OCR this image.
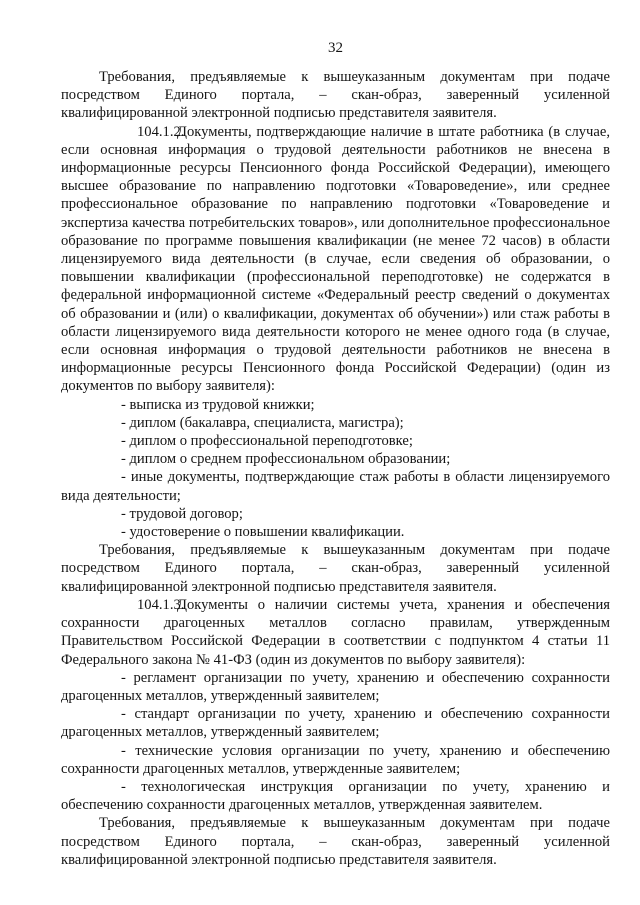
32

Требования, предъявляемые к вышеуказанным документам при подаче посредством Единого портала, – скан-образ, заверенный усиленной квалифицированной электронной подписью представителя заявителя.

104.1.2.Документы, подтверждающие наличие в штате работника (в случае, если основная информация о трудовой деятельности работников не внесена в информационные ресурсы Пенсионного фонда Российской Федерации), имеющего высшее образование по направлению подготовки «Товароведение», или среднее профессиональное образование по направлению подготовки «Товароведение и экспертиза качества потребительских товаров», или дополнительное профессиональное образование по программе повышения квалификации (не менее 72 часов) в области лицензируемого вида деятельности (в случае, если сведения об образовании, о повышении квалификации (профессиональной переподготовке) не содержатся в федеральной информационной системе «Федеральный реестр сведений о документах об образовании и (или) о квалификации, документах об обучении») или стаж работы в области лицензируемого вида деятельности которого не менее одного года (в случае, если основная информация о трудовой деятельности работников не внесена в информационные ресурсы Пенсионного фонда Российской Федерации) (один из документов по выбору заявителя):

- выписка из трудовой книжки;

- диплом (бакалавра, специалиста, магистра);

- диплом о профессиональной переподготовке;

- диплом о среднем профессиональном образовании;

- иные документы, подтверждающие стаж работы в области лицензируемого вида деятельности;

- трудовой договор;

- удостоверение о повышении квалификации.

Требования, предъявляемые к вышеуказанным документам при подаче посредством Единого портала, – скан-образ, заверенный усиленной квалифицированной электронной подписью представителя заявителя.

104.1.3.Документы о наличии системы учета, хранения и обеспечения сохранности драгоценных металлов согласно правилам, утвержденным Правительством Российской Федерации в соответствии с подпунктом 4 статьи 11 Федерального закона № 41-ФЗ (один из документов по выбору заявителя):

- регламент организации по учету, хранению и обеспечению сохранности драгоценных металлов, утвержденный заявителем;

- стандарт организации по учету, хранению и обеспечению сохранности драгоценных металлов, утвержденный заявителем;

- технические условия организации по учету, хранению и обеспечению сохранности драгоценных металлов, утвержденные заявителем;

- технологическая инструкция организации по учету, хранению и обеспечению сохранности драгоценных металлов, утвержденная заявителем.

Требования, предъявляемые к вышеуказанным документам при подаче посредством Единого портала, – скан-образ, заверенный усиленной квалифицированной электронной подписью представителя заявителя.
